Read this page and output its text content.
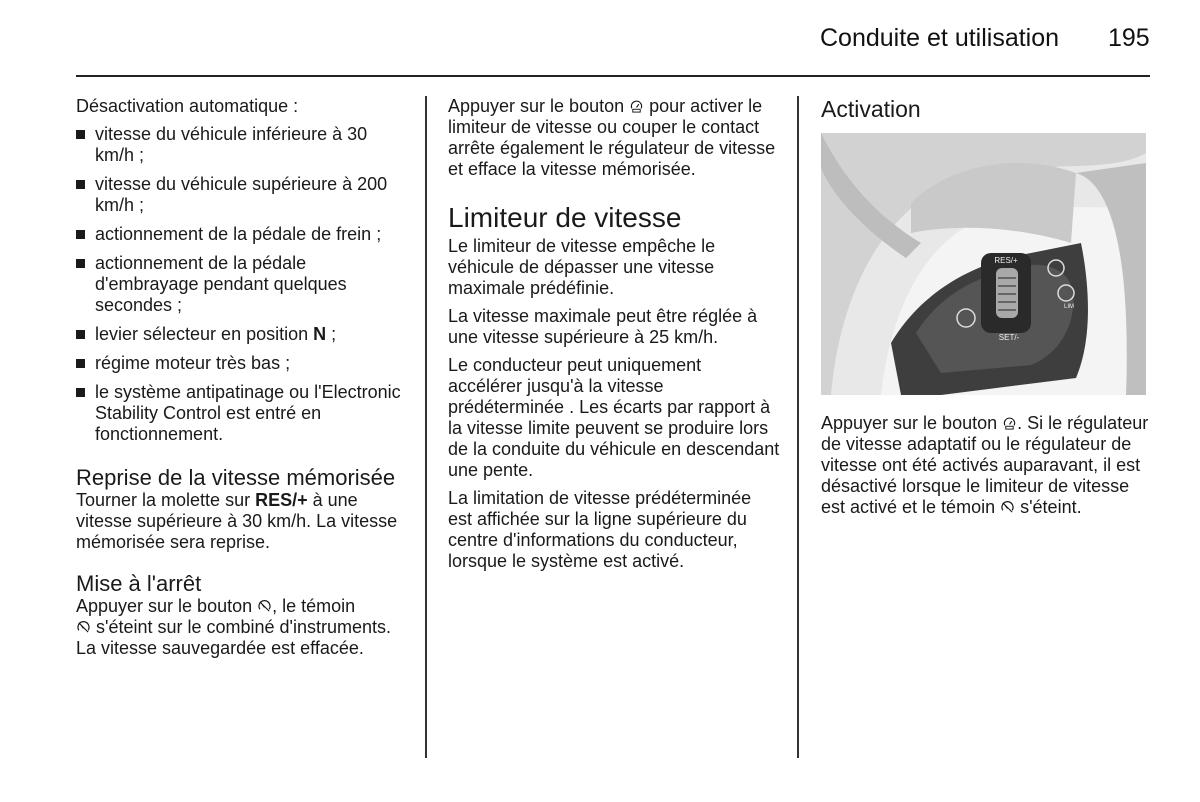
Conduite et utilisation 195

Désactivation automatique :

vitesse du véhicule inférieure à 30 km/h ;
vitesse du véhicule supérieure à 200 km/h ;
actionnement de la pédale de frein ;
actionnement de la pédale d'embrayage pendant quelques secondes ;
levier sélecteur en position N ;
régime moteur très bas ;
le système antipatinage ou l'Electronic Stability Control est entré en fonctionnement.
Reprise de la vitesse mémorisée

Tourner la molette sur RES/+ à une vitesse supérieure à 30 km/h. La vitesse mémorisée sera reprise.

Mise à l'arrêt

Appuyer sur le bouton , le témoin
s'éteint sur le combiné d'instruments. La vitesse sauvegardée est effacée.

Appuyer sur le bouton  pour activer le limiteur de vitesse ou couper le contact arrête également le régulateur de vitesse et efface la vitesse mémorisée.

Limiteur de vitesse

Le limiteur de vitesse empêche le véhicule de dépasser une vitesse maximale prédéfinie.

La vitesse maximale peut être réglée à une vitesse supérieure à 25 km/h.

Le conducteur peut uniquement accélérer jusqu'à la vitesse prédéterminée . Les écarts par rapport à la vitesse limite peuvent se produire lors de la conduite du véhicule en descendant une pente.

La limitation de vitesse prédéterminée est affichée sur la ligne supérieure du centre d'informations du conducteur, lorsque le système est activé.

Activation
RES/+
SET/-
LIM

Appuyer sur le bouton . Si le régulateur de vitesse adaptatif ou le régulateur de vitesse ont été activés auparavant, il est désactivé lorsque le limiteur de vitesse est activé et le témoin  s'éteint.
